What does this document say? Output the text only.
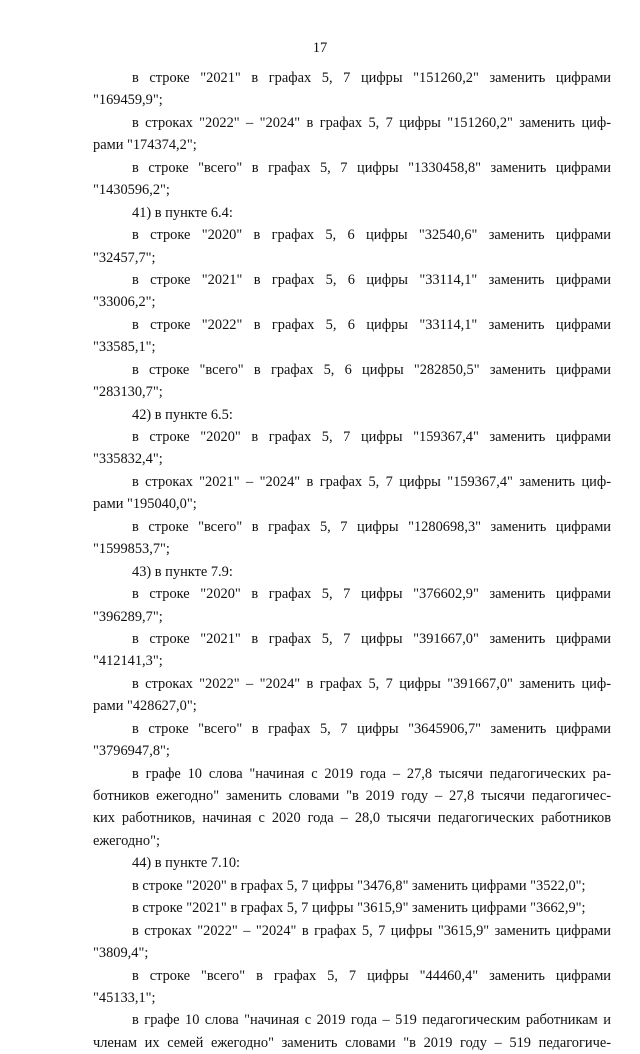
17
в строке "2021" в графах 5, 7 цифры "151260,2" заменить цифрами
"169459,9";
в строках "2022" – "2024" в графах 5, 7 цифры "151260,2" заменить циф-
рами "174374,2";
в строке "всего" в графах 5, 7 цифры "1330458,8" заменить цифрами
"1430596,2";
41) в пункте 6.4:
в строке "2020" в графах 5, 6 цифры "32540,6" заменить цифрами
"32457,7";
в строке "2021" в графах 5, 6 цифры "33114,1" заменить цифрами
"33006,2";
в строке "2022" в графах 5, 6 цифры "33114,1" заменить цифрами
"33585,1";
в строке "всего" в графах 5, 6 цифры "282850,5" заменить цифрами
"283130,7";
42) в пункте 6.5:
в строке "2020" в графах 5, 7 цифры "159367,4" заменить цифрами
"335832,4";
в строках "2021" – "2024" в графах 5, 7 цифры "159367,4" заменить циф-
рами "195040,0";
в строке "всего" в графах 5, 7 цифры "1280698,3" заменить цифрами
"1599853,7";
43) в пункте 7.9:
в строке "2020" в графах 5, 7 цифры "376602,9" заменить цифрами
"396289,7";
в строке "2021" в графах 5, 7 цифры "391667,0" заменить цифрами
"412141,3";
в строках "2022" – "2024" в графах 5, 7 цифры "391667,0" заменить циф-
рами "428627,0";
в строке "всего" в графах 5, 7 цифры "3645906,7" заменить цифрами
"3796947,8";
в графе 10 слова "начиная с 2019 года – 27,8 тысячи педагогических ра-
ботников ежегодно" заменить словами "в 2019 году – 27,8 тысячи педагогичес-
ких работников, начиная с 2020 года – 28,0 тысячи педагогических работников
ежегодно";
44) в пункте 7.10:
в строке "2020" в графах 5, 7 цифры "3476,8" заменить цифрами "3522,0";
в строке "2021" в графах 5, 7 цифры "3615,9" заменить цифрами "3662,9";
в строках "2022" – "2024" в графах 5, 7 цифры "3615,9" заменить цифрами
"3809,4";
в строке "всего" в графах 5, 7 цифры "44460,4" заменить цифрами
"45133,1";
в графе 10 слова "начиная с 2019 года – 519 педагогическим работникам и
членам их семей ежегодно" заменить словами "в 2019 году – 519 педагогиче-
